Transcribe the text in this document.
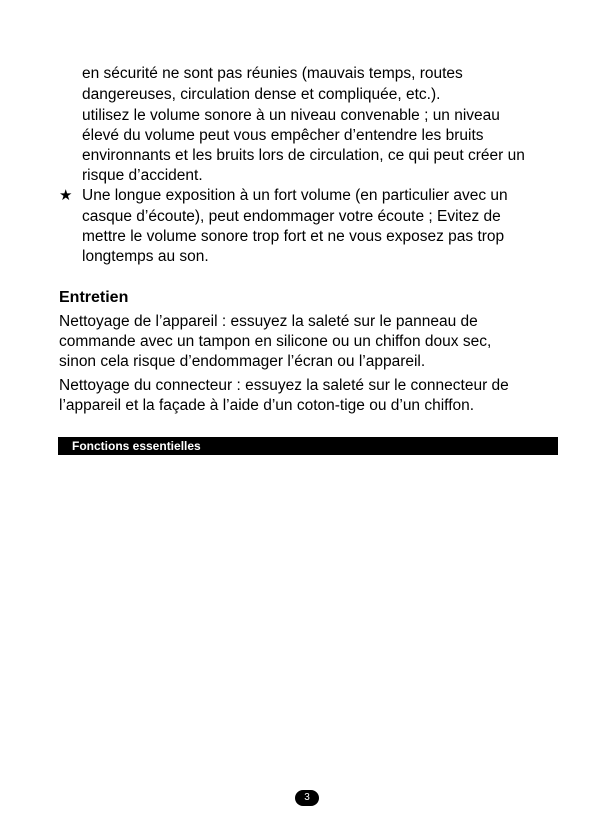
en sécurité ne sont pas réunies (mauvais temps, routes
dangereuses, circulation dense et compliquée, etc.).
utilisez le volume sonore à un niveau convenable ; un niveau
élevé du volume peut vous empêcher d’entendre les bruits
environnants et les bruits lors de circulation, ce qui peut créer un
risque d’accident.
★ Une longue exposition à un fort volume (en particulier avec un
casque d’écoute), peut endommager votre écoute ; Evitez de
mettre le volume sonore trop fort et ne vous exposez pas trop
longtemps au son.
Entretien
Nettoyage de l’appareil : essuyez la saleté sur le panneau de
commande avec un tampon en silicone ou un chiffon doux sec,
sinon cela risque d’endommager l’écran ou l’appareil.
Nettoyage du connecteur : essuyez la saleté sur le connecteur de
l’appareil et la façade à l’aide d’un coton-tige ou d’un chiffon.
Fonctions essentielles
3
